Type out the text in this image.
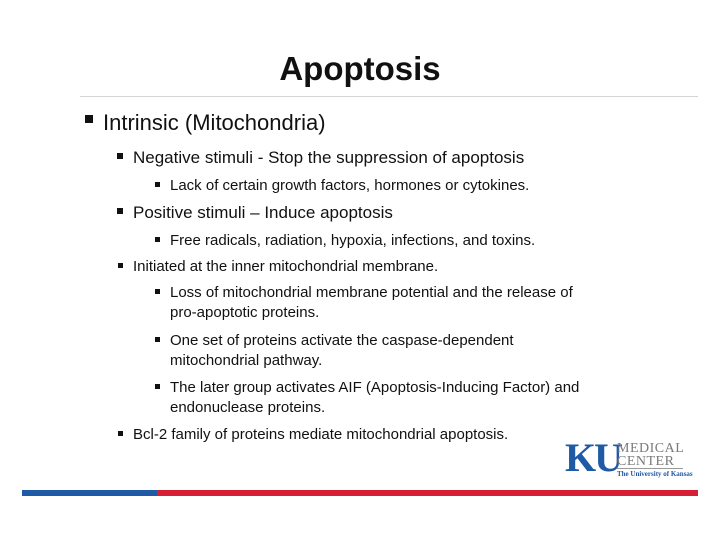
Apoptosis
Intrinsic (Mitochondria)
Negative stimuli - Stop the suppression of apoptosis
Lack of certain growth factors, hormones or cytokines.
Positive stimuli – Induce apoptosis
Free radicals, radiation, hypoxia, infections, and toxins.
Initiated at the inner mitochondrial membrane.
Loss of mitochondrial membrane potential and the release of
pro-apoptotic proteins.
One set of proteins activate the caspase-dependent
mitochondrial pathway.
The later group activates AIF (Apoptosis-Inducing Factor) and
endonuclease proteins.
Bcl-2 family of proteins mediate mitochondrial apoptosis.
KU
MEDICAL
CENTER
The University of Kansas
